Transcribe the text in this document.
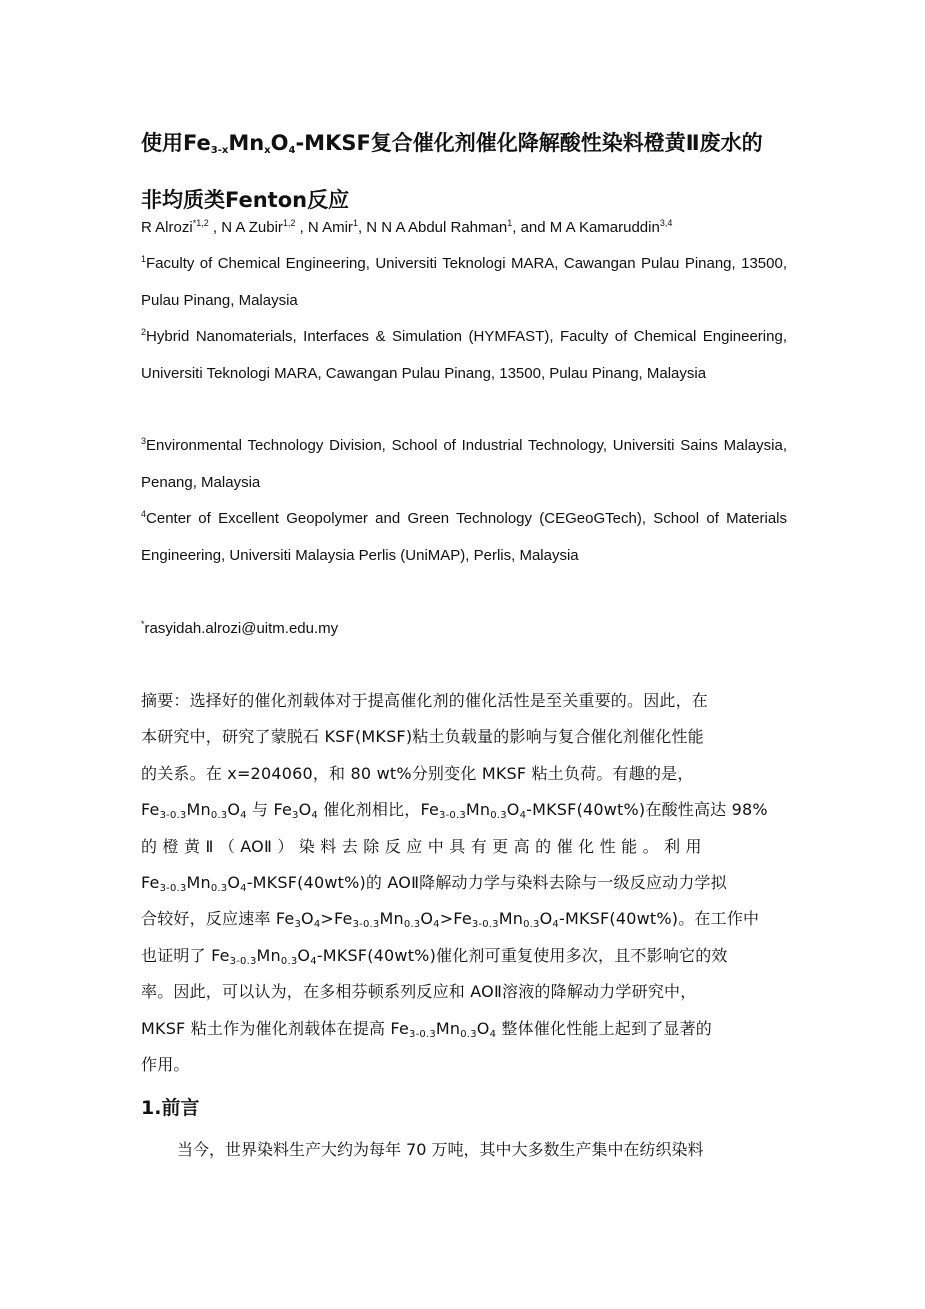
使用$Fe_{3-x}Mn_xO_4$-MKSF复合催化剂催化降解酸性染料橙黄Ⅱ废水的
非均质类Fenton反应
R Alrozi$^{*1,2}$ , N A Zubir$^{1,2}$ , N Amir$^1$, N N A Abdul Rahman$^1$, and M A Kamaruddin$^{3,4}$
$^1$Faculty of Chemical Engineering, Universiti Teknologi MARA, Cawangan Pulau Pinang, 13500, Pulau Pinang, Malaysia
$^2$Hybrid Nanomaterials, Interfaces & Simulation (HYMFAST), Faculty of Chemical Engineering, Universiti Teknologi MARA, Cawangan Pulau Pinang, 13500, Pulau Pinang, Malaysia
$^3$Environmental Technology Division, School of Industrial Technology, Universiti Sains Malaysia, Penang, Malaysia
$^4$Center of Excellent Geopolymer and Green Technology (CEGeoGTech), School of Materials Engineering, Universiti Malaysia Perlis (UniMAP), Perlis, Malaysia
*rasyidah.alrozi@uitm.edu.my
摘要：选择好的催化剂载体对于提高催化剂的催化活性是至关重要的。因此，在
本研究中，研究了蒙脱石 KSF(MKSF)粘土负载量的影响与复合催化剂催化性能
的关系。在 x=204060，和 80 wt%分别变化 MKSF 粘土负荷。有趣的是，
$Fe_{3-0.3}Mn_{0.3}O_4$ 与 $Fe_3O_4$ 催化剂相比，$Fe_{3-0.3}Mn_{0.3}O_4-MKSF(40wt\%)$在酸性高达 98%
的 橙 黄 Ⅱ （ AOⅡ ） 染 料 去 除 反 应 中 具 有 更 高 的 催 化 性 能 。 利 用
$Fe_{3-0.3}Mn_{0.3}O_4-MKSF(40wt\%)$的 AOⅡ降解动力学与染料去除与一级反应动力学拟
合较好，反应速率 $Fe_3O_4>Fe_{3-0.3}Mn_{0.3}O_4>Fe_{3-0.3}Mn_{0.3}O_4-MKSF(40wt\%)$。在工作中
也证明了 $Fe_{3-0.3}Mn_{0.3}O_4-MKSF(40wt\%)$催化剂可重复使用多次，且不影响它的效
率。因此，可以认为，在多相芬顿系列反应和 AOⅡ溶液的降解动力学研究中，
MKSF 粘土作为催化剂载体在提高 $Fe_{3-0.3}Mn_{0.3}O_4$ 整体催化性能上起到了显著的
作用。
1.前言
当今，世界染料生产大约为每年 70 万吨，其中大多数生产集中在纺织染料
